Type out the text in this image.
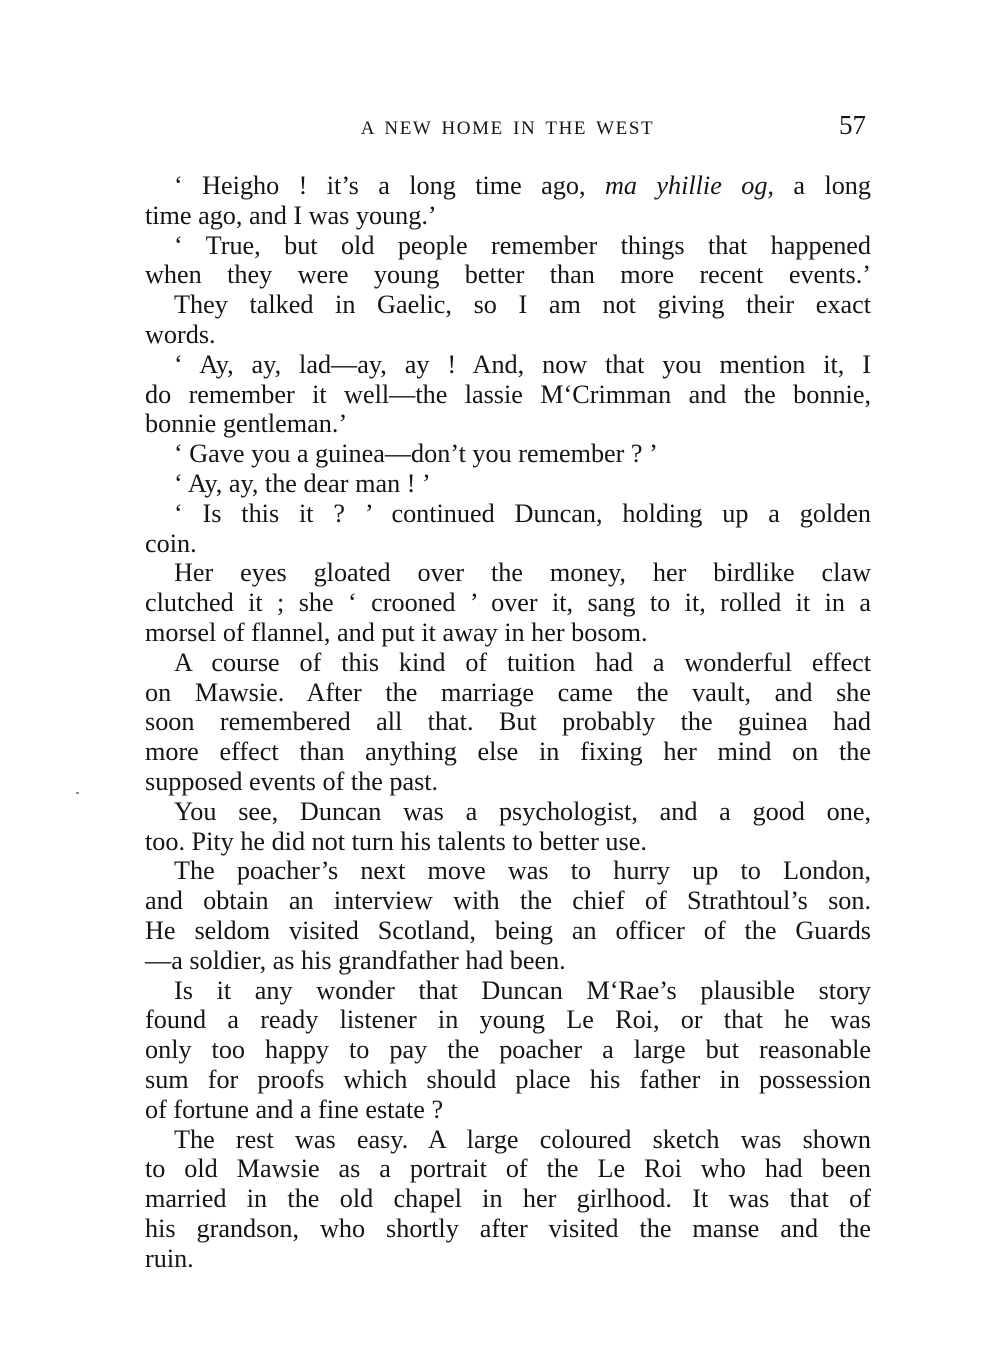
A NEW HOME IN THE WEST	57

‘ Heigho ! it’s a long time ago, ma yhillie og, a long
time ago, and I was young.’

‘ True, but old people remember things that happened
when they were young better than more recent events.’

They talked in Gaelic, so I am not giving their exact
words.

‘ Ay, ay, lad—ay, ay ! And, now that you mention it, I
do remember it well—the lassie M‘Crimman and the bonnie,
bonnie gentleman.’

‘ Gave you a guinea—don’t you remember ? ’

‘ Ay, ay, the dear man ! ’

‘ Is this it ? ’ continued Duncan, holding up a golden
coin.

Her eyes gloated over the money, her birdlike claw
clutched it ; she ‘ crooned ’ over it, sang to it, rolled it in a
morsel of flannel, and put it away in her bosom.

A course of this kind of tuition had a wonderful effect
on Mawsie. After the marriage came the vault, and she
soon remembered all that. But probably the guinea had
more effect than anything else in fixing her mind on the
supposed events of the past.

You see, Duncan was a psychologist, and a good one,
too. Pity he did not turn his talents to better use.

The poacher’s next move was to hurry up to London,
and obtain an interview with the chief of Strathtoul’s son.
He seldom visited Scotland, being an officer of the Guards
—a soldier, as his grandfather had been.

Is it any wonder that Duncan M‘Rae’s plausible story
found a ready listener in young Le Roi, or that he was
only too happy to pay the poacher a large but reasonable
sum for proofs which should place his father in possession
of fortune and a fine estate ?

The rest was easy. A large coloured sketch was shown
to old Mawsie as a portrait of the Le Roi who had been
married in the old chapel in her girlhood. It was that of
his grandson, who shortly after visited the manse and the
ruin.
